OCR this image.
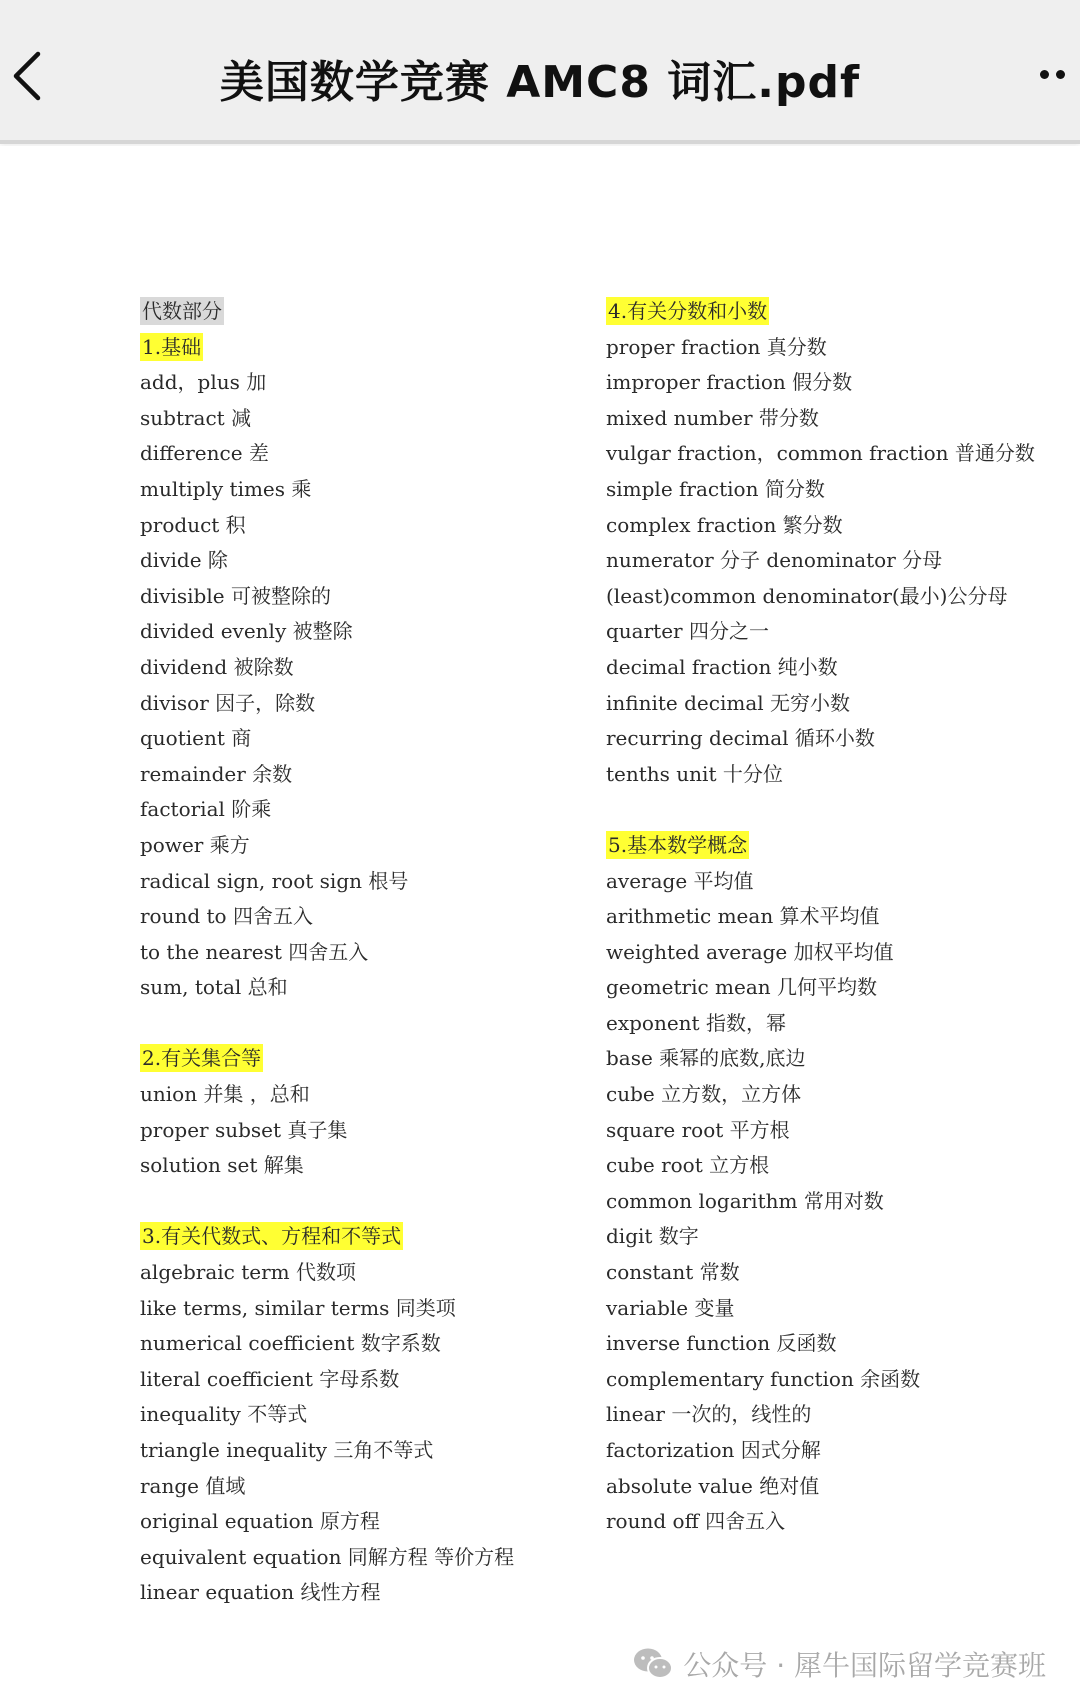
美国数学竞赛 AMC8 词汇.pdf
代数部分
1.基础
add，plus 加
subtract 减
difference 差
multiply times 乘
product 积
divide 除
divisible 可被整除的
divided evenly 被整除
dividend 被除数
divisor 因子，除数
quotient 商
remainder 余数
factorial 阶乘
power 乘方
radical sign, root sign 根号
round to 四舍五入
to the nearest 四舍五入
sum, total 总和
2.有关集合等
union 并集 ，总和
proper subset 真子集
solution set 解集
3.有关代数式、方程和不等式
algebraic term 代数项
like terms, similar terms 同类项
numerical coefficient 数字系数
literal coefficient 字母系数
inequality 不等式
triangle inequality 三角不等式
range 值域
original equation 原方程
equivalent equation 同解方程 等价方程
linear equation 线性方程
4.有关分数和小数
proper fraction 真分数
improper fraction 假分数
mixed number 带分数
vulgar fraction，common fraction 普通分数
simple fraction 简分数
complex fraction 繁分数
numerator 分子 denominator 分母
(least)common denominator(最小)公分母
quarter 四分之一
decimal fraction 纯小数
infinite decimal 无穷小数
recurring decimal 循环小数
tenths unit 十分位
5.基本数学概念
average 平均值
arithmetic mean 算术平均值
weighted average 加权平均值
geometric mean 几何平均数
exponent 指数，幂
base 乘幂的底数,底边
cube 立方数，立方体
square root 平方根
cube root 立方根
common logarithm 常用对数
digit 数字
constant 常数
variable 变量
inverse function 反函数
complementary function 余函数
linear 一次的，线性的
factorization 因式分解
absolute value 绝对值
round off 四舍五入
公众号 · 犀牛国际留学竞赛班
